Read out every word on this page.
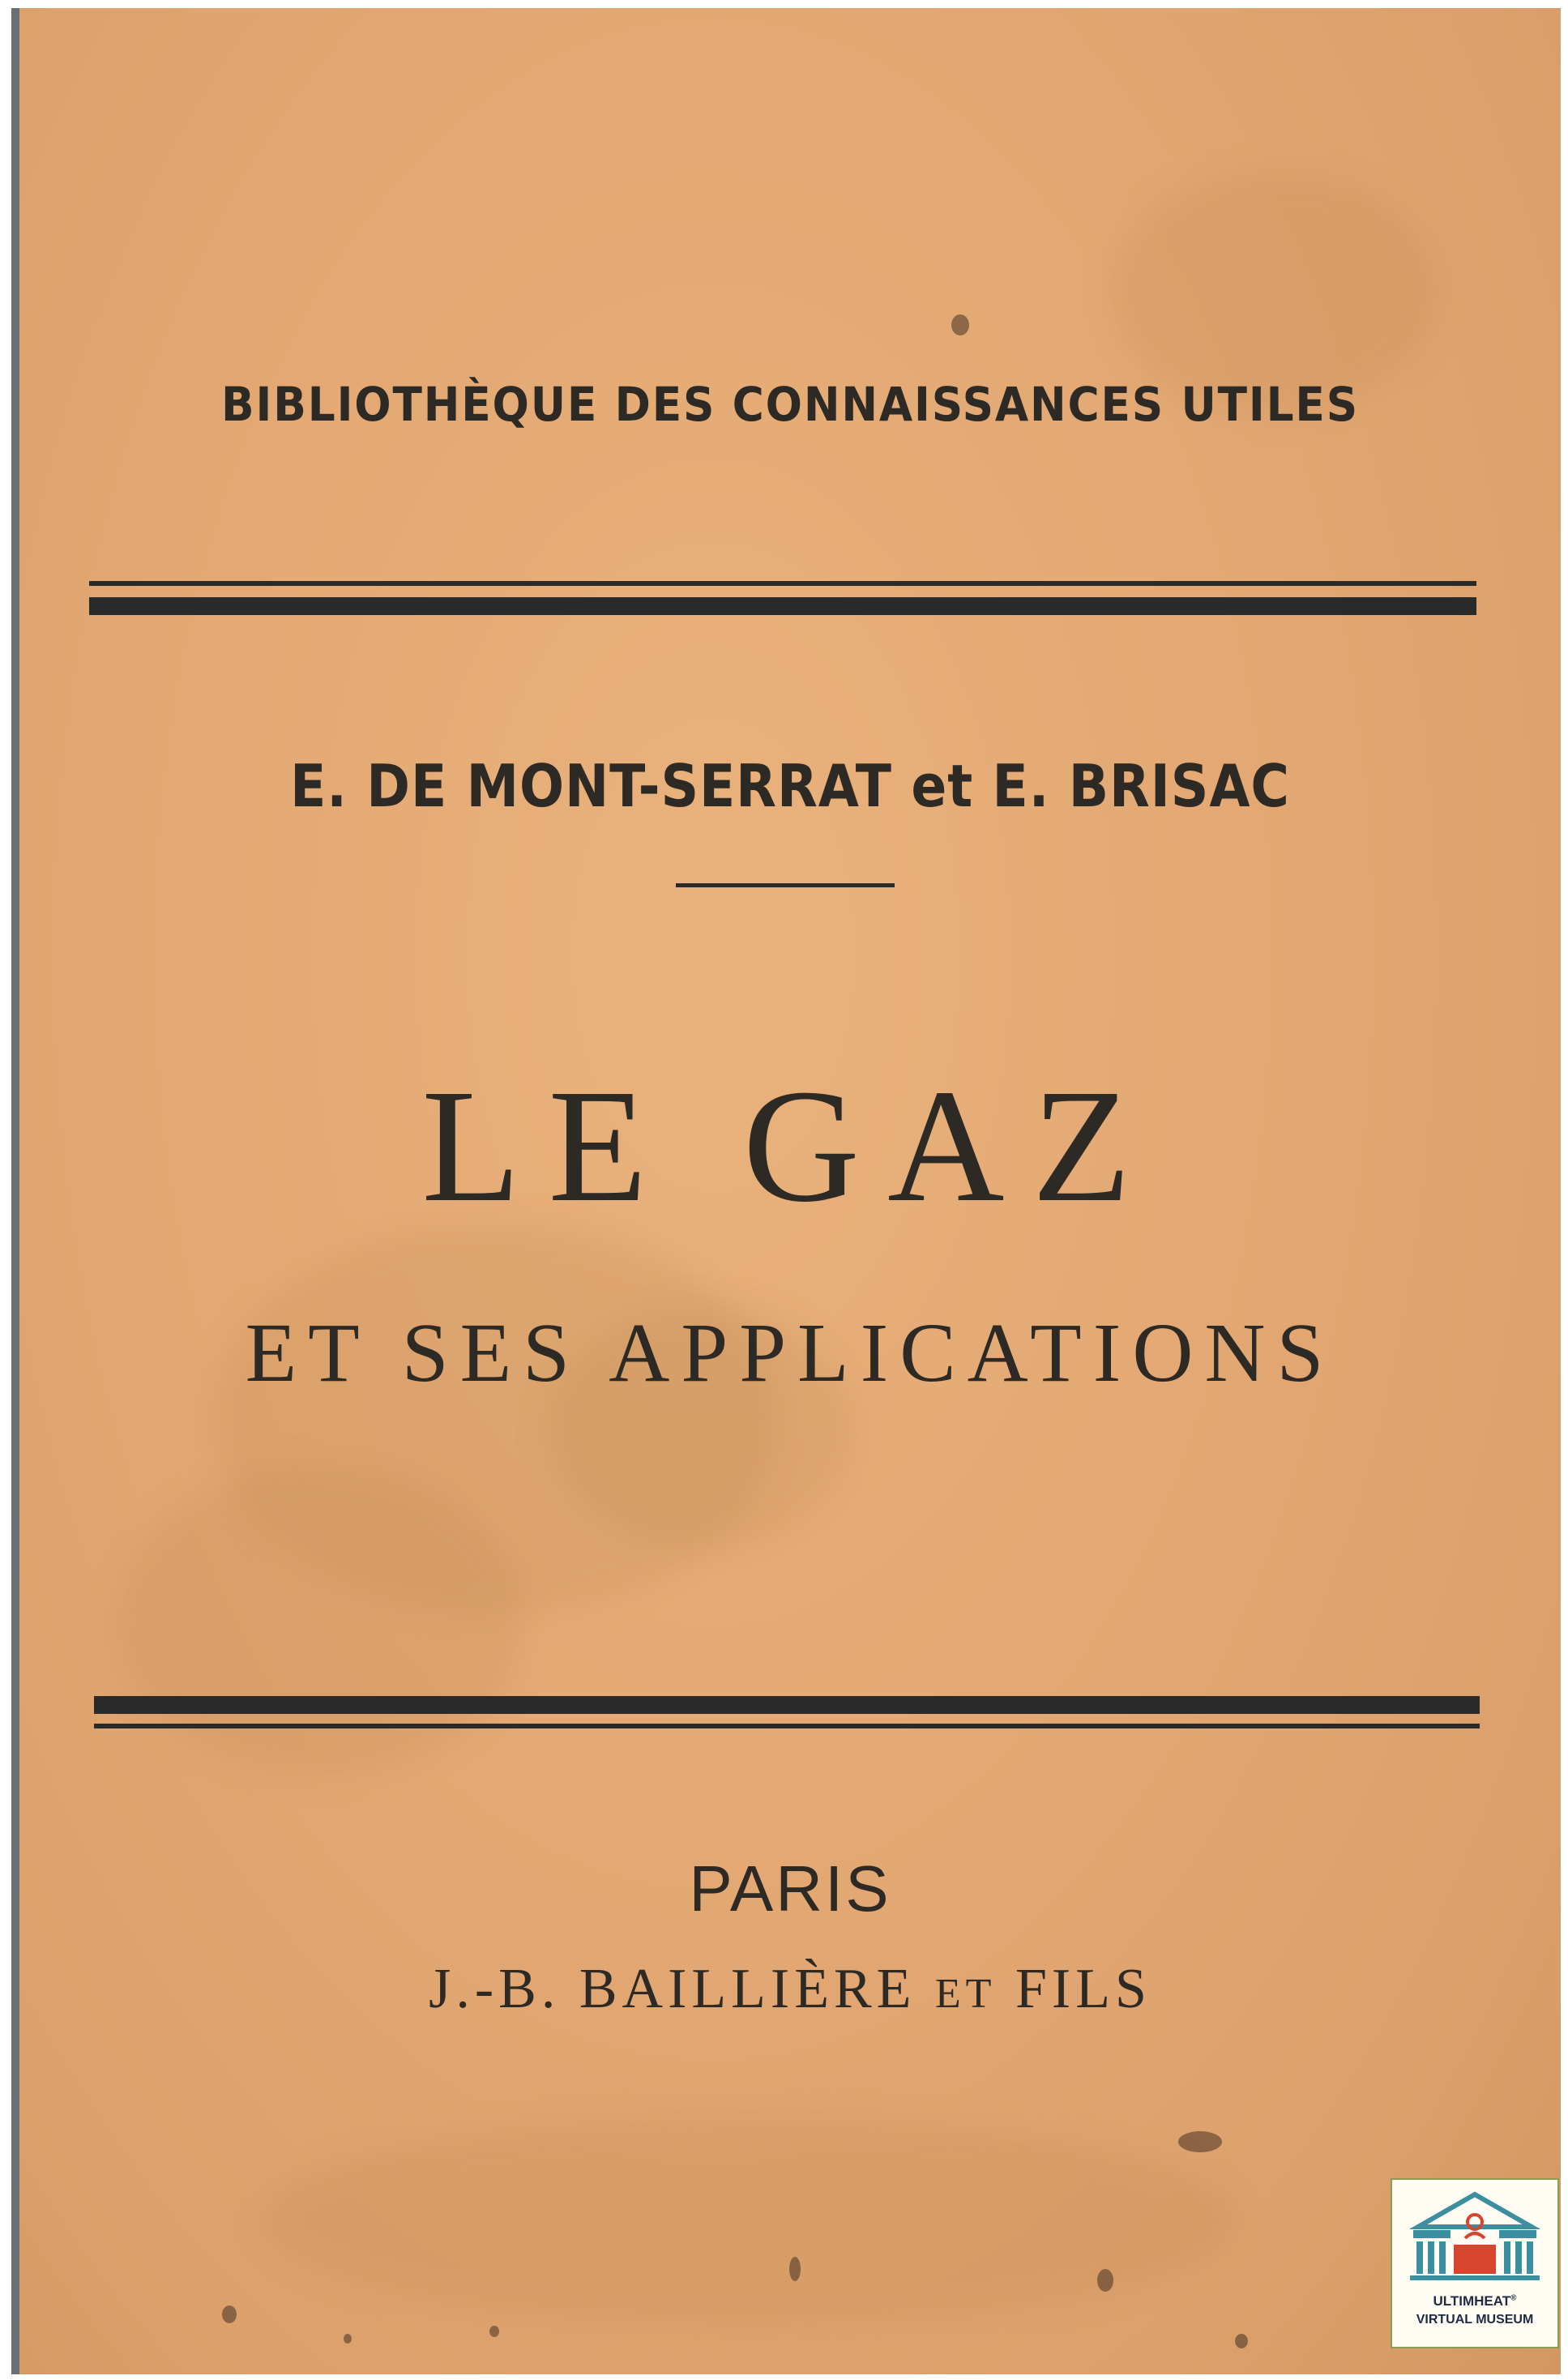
BIBLIOTHÈQUE DES CONNAISSANCES UTILES
E. DE MONT-SERRAT et E. BRISAC
LE GAZ
ET SES APPLICATIONS
PARIS
J.-B. BAILLIÈRE ET FILS
ULTIMHEAT®
VIRTUAL MUSEUM
